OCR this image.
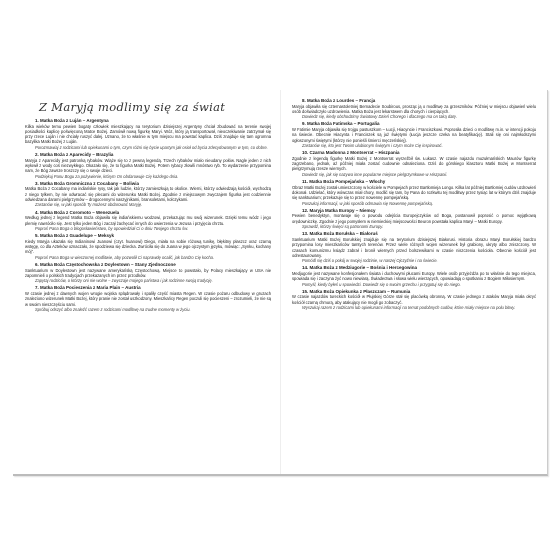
Z Maryją modlimy się za świat
1. Matka Boża z Luján – Argentyna
Kilka wieków temu pewien bogaty człowiek mieszkający na terytorium dzisiejszej Argentyny chciał zbudować na terenie swojej posiadłości kaplicę poświęconą Matce Bożej. Zamówił nową figurkę Maryi. Wóz, który ją transportował, nieoczekiwanie zatrzymał się przy rzece Luján i nie chciały ruszyć dalej. Uznano, że to właśnie w tym miejscu ma powstać kaplica. Dziś znajduje się tam ogromna bazylika Matki Bożej z Luján.
Porozmawiaj z rodzicami lub opiekunami o tym, czym różni się bycie upartym jak osioł od bycia zdecydowanym w tym, co dobre.
2. Matka Boża z Aparecidy – Brazylia
Maryja z Aparecidy jest patronką rybaków. Wiąże się to z pewną legendą. Trzech rybaków miało nieudany połów. Nagle jeden z nich wyłowił z wody coś niezwykłego. Okazało się, że to figurka Matki Bożej. Potem rybacy złowili mnóstwo ryb. To wydarzenie przypomina nam, że Bóg zawsze troszczy się o swoje dzieci.
Podziękuj Panu Bogu za pożywienie, którym On obdarowuje Cię każdego dnia.
3. Matka Boża Gromniczna z Cocabany – Boliwia
Matka Boża z Cocabany ma indiańskie rysy, tak jak ludzie, którzy zamieszkują to okolice. Wierni, którzy odwiedzają kościół, wychodzą z niego tylkem, by nie odwracać się plecami do wizerunku Matki Bożej. Zgodnie z miejscowym zwyczajem figurka jest codziennie odwiedzana darami pielgrzymów – drogocennymi naszyjnikami, bransoletami, kolczykami.
Zastanów się, w jaki sposób Ty możesz obdarować Maryję.
4. Matka Boża z Coromoto – Wenezuela
Według jednej z legend Matka Boża objawiła się indiańskiemu wodzowi, przekazując mu swój wizerunek. Dzięki temu wódz i jego plemię nawróciło się. Jest tylko jeden Bóg i zaczął żachęcać innych do uwierzenia w Jezusa i przyjęcia chrztu.
Poproś Pana Boga o błogosławieństwo, by opowiedział Ci o dniu Twojego chrztu św.
5. Matka Boża z Guadelupe – Meksyk
Kiedy Maryja ukazała się Indianinowi Juanowi (czyt. huanowi) Diego, miała na sobie różową tunikę, błękitny płaszcz oraz czarną wstęgę, co dla Azteków oznaczało, że spodziewa się dziecka. Zwróciła się do Juana w jego ojczystym języku, mówiąc: „Synku, kochany mój”.
Poproś Pana Boga w wieczornej modlitwie, aby pozwolił Ci naprawdę ocalić, jak bardzo Cię kocha.
6. Matka Boża Częstochowska z Doylestown – Stany Zjednoczone
Sanktuarium w Doylestown jest nazywane amerykańską Częstochową. Miejsce to powstało, by Polacy mieszkający w USA nie zapomnieli o polskich tradycjach przekazanych im przez przodków.
Zapytaj rodziców, o którzy oni nie wolne – zwyczaje mojego państwa i jak rodzinne swoją tradycję.
7. Matka Boża Pocieszenia z Maria Plain – Austria
W czasie jednej z dawnych wojen wrogie wojska splądrowały i spaliły część miasta Regen. W czasie pożaru odbudowy w gruzach znaleziono wizerunek Matki Bożej, który pranie nie został uszkodzony. Mieszkańcy Regen poczuli się pocieszeni – zrozumieli, że nie są w swoim nieszczęściu sami.
Spróbuj odszyć albo znaleźć razem z rodzicami modlitwę na trudne momenty w życiu.
8. Matka Boża z Lourdes – Francja
Maryja objawiła się czternastoletniej Bernadecie Soubirous, prosząc ją o modlitwę za grzeszników. Później w miejscu objawień wielu osób doświadczyło uzdrowienia. Matka Boża jest lekarstwem dla chorych i cierpiących.
Dowiedz się, kiedy obchodzimy Światowy Dzień Chorego i dlaczego ma on taką datę.
9. Matka Boża Fatimska – Portugalia
W Fatimie Maryja objawiła się trojgu pastuszkom – Łucji, Hiacyncie i Franciszkowi. Poprosiła dzieci o modlitwę m.in. w intencji pokoju na świecie. Obecnie Hiacynta i Franciszek są już świętymi (Łucja jeszcze czeka na beatyfikację). Stali się oni najmłodszymi ogłoszonymi świętymi (którzy nie ponieśli śmierci męczeńskiej).
Zastanów się, kto jest Twoim ulubionym świętym i czym może Cię inspirować.
10. Czarna Madonna z Montserrat – Hiszpania
Zgodnie z legendą figurkę Matki Bożej z Montserrat wyrzeźbił św. Łukasz. W czasie najazdu muzułmańskich Maurów figurkę zagrzebano, jednak, aż później miała zostać cudownie odnaleziona. Dziś do górskiego klasztoru Matki Bożej w Montserrat pielgrzymują rzesze wiernych.
Dowiedz się, jak się nazywa inne popularne miejsce pielgrzymkowe w Hiszpanii.
11. Matka Boża Pompejańska – Włochy
Obraz Matki Bożej został umieszczony w kościele w Pompejach przez Bartłomieja Longo. Kilka lat później Bartłomiej cudów uzdrowień dokonał. Udzielać, który wówczas miał chory, modlić się tam, by Pana do rozkwitu tej modlitwy przez tysiąc lat w którym dziś znajduje się sanktuarium; przekazuje się to przez nowennę pompejańską.
Poszukaj informacji, w jaki sposób odmawia się Nowennę pompejańską.
12. Maryja Matka Europy – Niemcy
Pewien benedyktyn, montwaje się o powodu odejścia Europejczyków od Boga, postanowił poprosić o pomoc wyjątkową orędowniczkę. Zgodnie z jego pomysłem w niemieckiej miejscowości Beuron powstała kaplica Maryi – Matki Europy.
Sprawdź, którzy święci są patronami Europy.
13. Matka Boża Borułska – Białoruś
Sanktuarium Matki Bożej Borułskiej znajduje się na terytorium dzisiejszej Białorusi. Historia obrazu Maryi Borułskiej bardzo przypomina losy mieszkańców tamtych terenów. Przez wiele różnych wojen wizerunek był grabiony, ukryty albo zniszczony. W czasach komunizmu ksiądz zabrał i bronił wiernych przed bolszewikami w czasie niszczenia kościoła. Obecnie kościół jest odrestaurowany.
Pomódl się dziś o pokój w swojej rodzinie, w naszej Ojczyźnie i na świecie.
14. Matka Boża z Medziugorie – Bośnia i Hercegowina
Medjugorie jest nazywane konfesjonałem świata i duchowymi płucami Europy. Wiele osób przyjeżdża po to właśnie do tego miejsca, spowiada się i zaczyna żyć nowo niewiarą. Świadectwa i słowa wielu wierzących, opowiadają o spotkaniu z Bogiem Miłosiernym.
Pomyśl, kiedy byłeś u spowiedzi. Dowiedz się o swoim grzechu i przygotuj się do niego.
15. Matka Boża Opiekunka z Płaszczam – Rumunia
W czasie najazdów tureckich kościół w Płujskiej Górze stał się placówką obronną. W czasie jednego z ataków Maryja miała okryć kościół czarną chmurą, aby atakujący nie mogli go zobaczyć.
Wyszukaj razem z rodzicami lub opiekunami informacji na temat podobnych cudów, które miały miejsce na polu bitwy.
